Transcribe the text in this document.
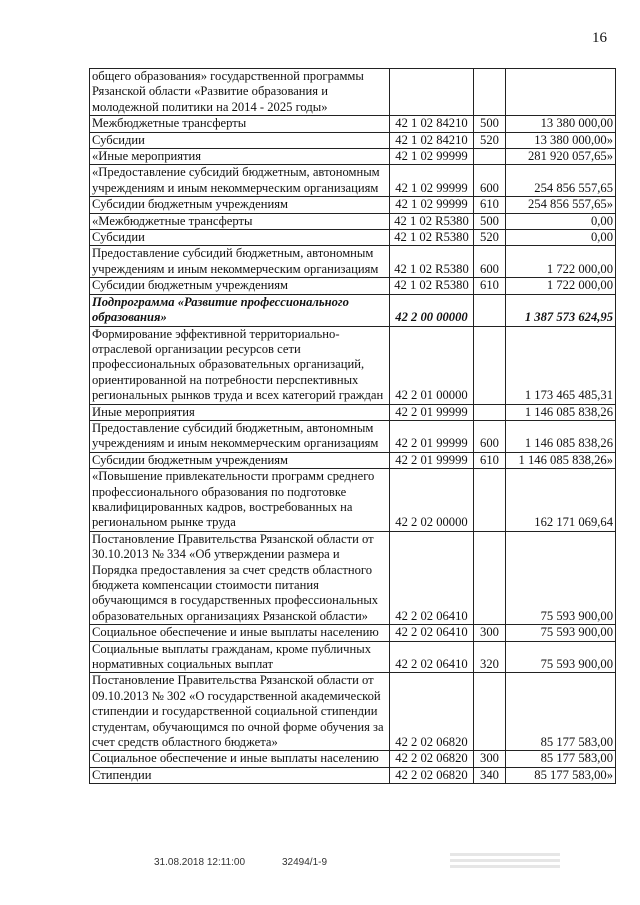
16
общего образования» государственной программы Рязанской области «Развитие образования и молодежной политики на 2014 - 2025 годы»			
Межбюджетные трансферты	42 1 02 84210	500	13 380 000,00
Субсидии	42 1 02 84210	520	13 380 000,00»
«Иные мероприятия	42 1 02 99999		281 920 057,65»
«Предоставление субсидий бюджетным, автономным учреждениям и иным некоммерческим организациям	42 1 02 99999	600	254 856 557,65
Субсидии бюджетным учреждениям	42 1 02 99999	610	254 856 557,65»
«Межбюджетные трансферты	42 1 02 R5380	500	0,00
Субсидии	42 1 02 R5380	520	0,00
Предоставление субсидий бюджетным, автономным учреждениям и иным некоммерческим организациям	42 1 02 R5380	600	1 722 000,00
Субсидии бюджетным учреждениям	42 1 02 R5380	610	1 722 000,00
Подпрограмма «Развитие профессионального образования»	42 2 00 00000		1 387 573 624,95
Формирование эффективной территориально-отраслевой организации ресурсов сети профессиональных образовательных организаций, ориентированной на потребности перспективных региональных рынков труда и всех категорий граждан	42 2 01 00000		1 173 465 485,31
Иные мероприятия	42 2 01 99999		1 146 085 838,26
Предоставление субсидий бюджетным, автономным учреждениям и иным некоммерческим организациям	42 2 01 99999	600	1 146 085 838,26
Субсидии бюджетным учреждениям	42 2 01 99999	610	1 146 085 838,26»
«Повышение привлекательности программ среднего профессионального образования по подготовке квалифицированных кадров, востребованных на региональном рынке труда	42 2 02 00000		162 171 069,64
Постановление Правительства Рязанской области от 30.10.2013 № 334 «Об утверждении размера и Порядка предоставления за счет средств областного бюджета компенсации стоимости питания обучающимся в государственных профессиональных образовательных организациях Рязанской области»	42 2 02 06410		75 593 900,00
Социальное обеспечение и иные выплаты населению	42 2 02 06410	300	75 593 900,00
Социальные выплаты гражданам, кроме публичных нормативных социальных выплат	42 2 02 06410	320	75 593 900,00
Постановление Правительства Рязанской области от 09.10.2013 № 302 «О государственной академической стипендии и государственной социальной стипендии студентам, обучающимся по очной форме обучения за счет средств областного бюджета»	42 2 02 06820		85 177 583,00
Социальное обеспечение и иные выплаты населению	42 2 02 06820	300	85 177 583,00
Стипендии	42 2 02 06820	340	85 177 583,00»
31.08.2018 12:11:00	32494/1-9
